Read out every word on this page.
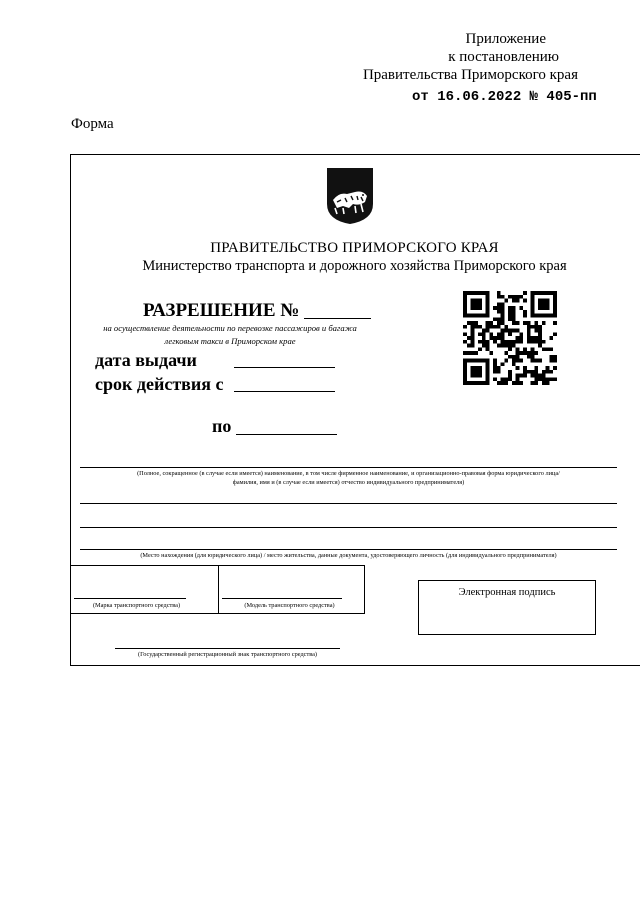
Приложение
к постановлению
Правительства Приморского края
от 16.06.2022 № 405-пп
Форма
ПРАВИТЕЛЬСТВО ПРИМОРСКОГО КРАЯ
Министерство транспорта и дорожного хозяйства Приморского края
РАЗРЕШЕНИЕ №
на осуществление деятельности по перевозке пассажиров и багажа
легковым такси в Приморском крае
дата выдачи
срок действия с
по
(Полное, сокращенное (в случае если имеется) наименование, в том числе фирменное наименование, и организационно-правовая форма юридического лица/
фамилия, имя и (в случае если имеется) отчество индивидуального предпринимателя)
(Место нахождения (для юридического лица) / место жительства, данные документа, удостоверяющего личность (для индивидуального предпринимателя)
(Марка транспортного средства)	(Модель транспортного средства)
(Государственный регистрационный знак транспортного средства)
Электронная подпись
